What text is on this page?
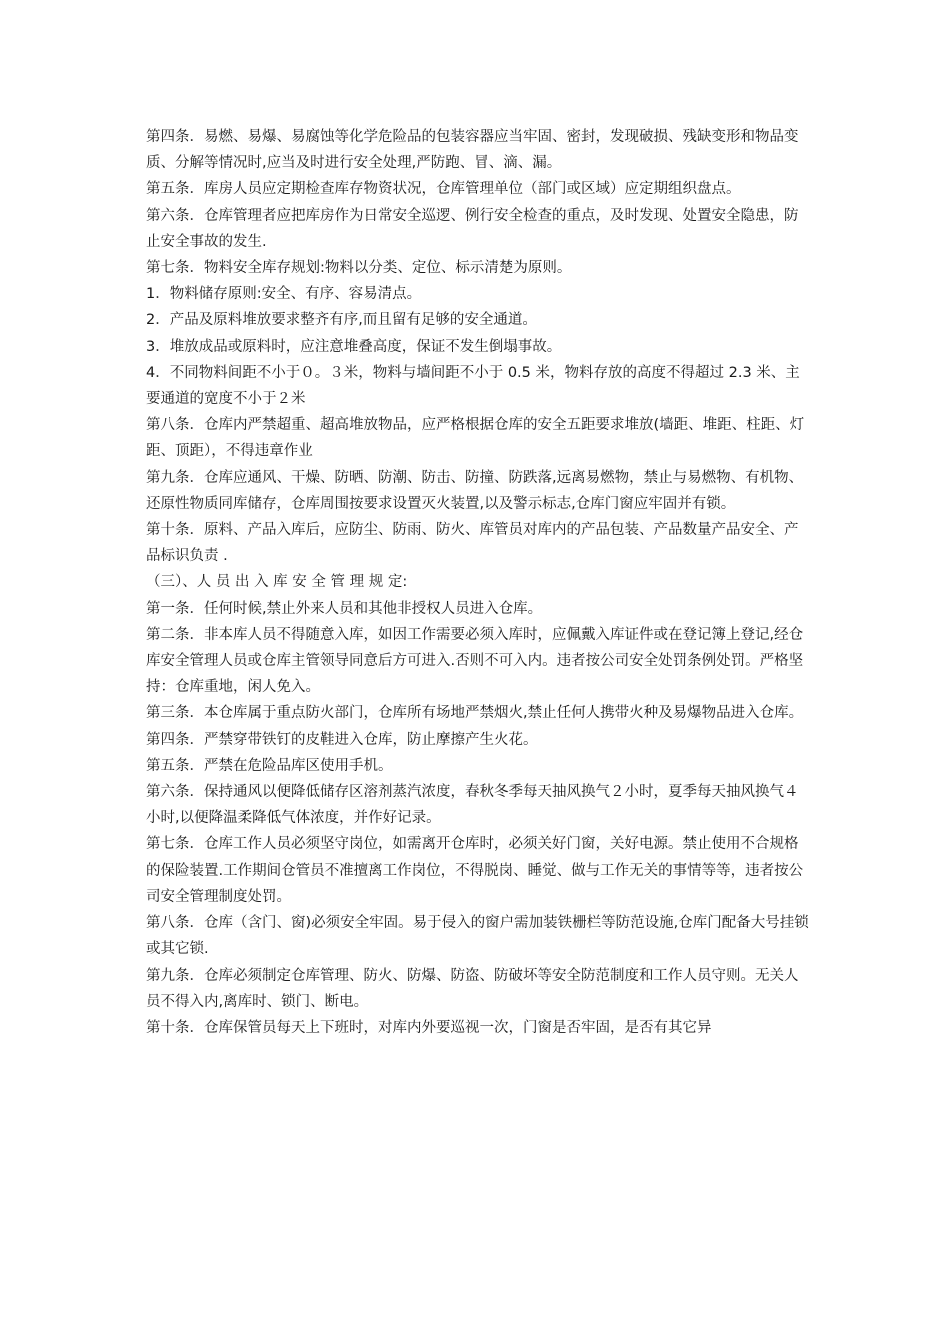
第四条．易燃、易爆、易腐蚀等化学危险品的包装容器应当牢固、密封，发现破损、残缺变形和物品变质、分解等情况时,应当及时进行安全处理,严防跑、冒、滴、漏。

第五条．库房人员应定期检查库存物资状况，仓库管理单位（部门或区域）应定期组织盘点。

第六条．仓库管理者应把库房作为日常安全巡逻、例行安全检查的重点，及时发现、处置安全隐患，防止安全事故的发生.

第七条．物料安全库存规划:物料以分类、定位、标示清楚为原则。

1．物料储存原则:安全、有序、容易清点。

2．产品及原料堆放要求整齐有序,而且留有足够的安全通道。

3．堆放成品或原料时，应注意堆叠高度，保证不发生倒塌事故。

4．不同物料间距不小于０。３米，物料与墙间距不小于 0.5 米，物料存放的高度不得超过 2.3 米、主要通道的宽度不小于２米

第八条．仓库内严禁超重、超高堆放物品，应严格根据仓库的安全五距要求堆放(墙距、堆距、柱距、灯距、顶距），不得违章作业

第九条．仓库应通风、干燥、防晒、防潮、防击、防撞、防跌落,远离易燃物，禁止与易燃物、有机物、还原性物质同库储存，仓库周围按要求设置灭火装置,以及警示标志,仓库门窗应牢固并有锁。

第十条．原料、产品入库后，应防尘、防雨、防火、库管员对库内的产品包装、产品数量产品安全、产品标识负责 .

（三）、人 员 出 入 库 安 全 管 理 规 定:

第一条．任何时候,禁止外来人员和其他非授权人员进入仓库。

第二条．非本库人员不得随意入库，如因工作需要必须入库时，应佩戴入库证件或在登记簿上登记,经仓库安全管理人员或仓库主管领导同意后方可进入.否则不可入内。违者按公司安全处罚条例处罚。严格坚持：仓库重地，闲人免入。

第三条．本仓库属于重点防火部门，仓库所有场地严禁烟火,禁止任何人携带火种及易爆物品进入仓库。

第四条．严禁穿带铁钉的皮鞋进入仓库，防止摩擦产生火花。

第五条．严禁在危险品库区使用手机。

第六条．保持通风以便降低储存区溶剂蒸汽浓度，春秋冬季每天抽风换气２小时，夏季每天抽风换气４小时,以便降温柔降低气体浓度，并作好记录。

第七条．仓库工作人员必须坚守岗位，如需离开仓库时，必须关好门窗，关好电源。禁止使用不合规格的保险装置.工作期间仓管员不准擅离工作岗位，不得脱岗、睡觉、做与工作无关的事情等等，违者按公司安全管理制度处罚。

第八条．仓库（含门、窗)必须安全牢固。易于侵入的窗户需加装铁栅栏等防范设施,仓库门配备大号挂锁或其它锁.

第九条．仓库必须制定仓库管理、防火、防爆、防盗、防破坏等安全防范制度和工作人员守则。无关人员不得入内,离库时、锁门、断电。

第十条．仓库保管员每天上下班时，对库内外要巡视一次，门窗是否牢固，是否有其它异
